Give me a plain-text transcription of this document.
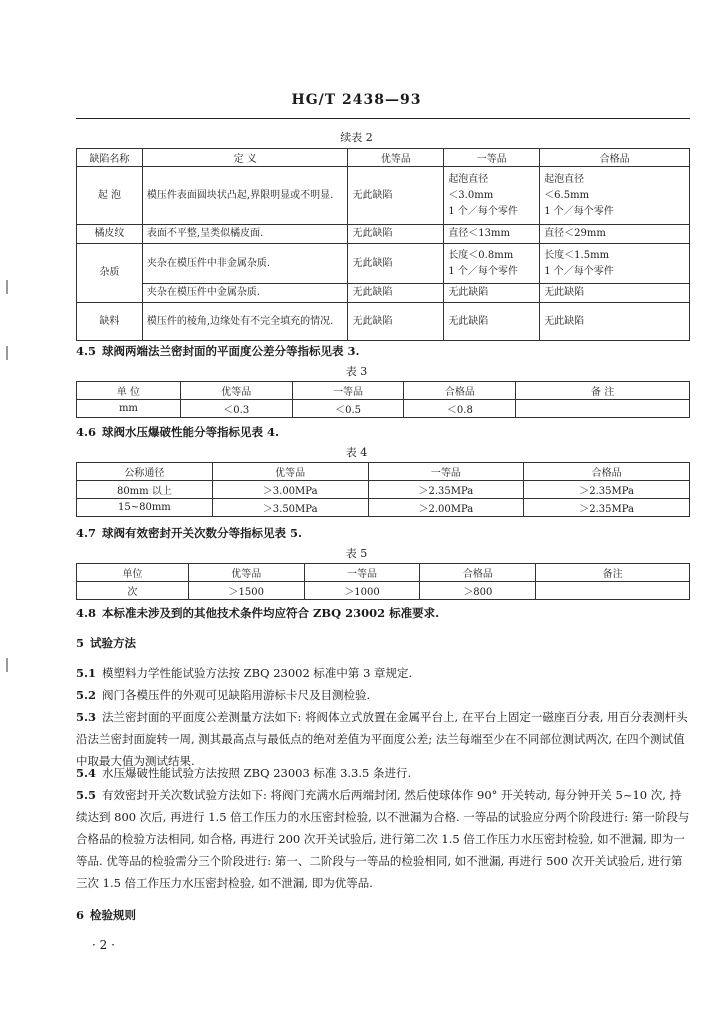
HG/T 2438—93
续表 2
缺陷名称	定 义	优等品	一等品	合格品
起 泡	模压件表面圆块状凸起,界限明显或不明显.	无此缺陷	起泡直径
＜3.0mm
1 个／每个零件	起泡直径
＜6.5mm
1 个／每个零件
橘皮纹	表面不平整,呈类似橘皮面.	无此缺陷	直径＜13mm	直径＜29mm
杂质	夹杂在模压件中非金属杂质.	无此缺陷	长度＜0.8mm
1 个／每个零件	长度＜1.5mm
1 个／每个零件
	夹杂在模压件中金属杂质.	无此缺陷	无此缺陷	无此缺陷
缺料	模压件的棱角,边缘处有不完全填充的情况.	无此缺陷	无此缺陷	无此缺陷
4.5 球阀两端法兰密封面的平面度公差分等指标见表 3.
表 3
单 位	优等品	一等品	合格品	备 注
mm	＜0.3	＜0.5	＜0.8	
4.6 球阀水压爆破性能分等指标见表 4.
表 4
公称通径	优等品	一等品	合格品
80mm 以上	＞3.00MPa	＞2.35MPa	＞2.35MPa
15~80mm	＞3.50MPa	＞2.00MPa	＞2.35MPa
4.7 球阀有效密封开关次数分等指标见表 5.
表 5
单位	优等品	一等品	合格品	备注
次	＞1500	＞1000	＞800	
4.8 本标准未涉及到的其他技术条件均应符合 ZBQ 23002 标准要求.
5 试验方法
5.1 模塑料力学性能试验方法按 ZBQ 23002 标准中第 3 章规定.
5.2 阀门各模压件的外观可见缺陷用游标卡尺及目测检验.
5.3 法兰密封面的平面度公差测量方法如下: 将阀体立式放置在金属平台上, 在平台上固定一磁座百分表, 用百分表测杆头沿法兰密封面旋转一周, 测其最高点与最低点的绝对差值为平面度公差; 法兰每端至少在不同部位测试两次, 在四个测试值中取最大值为测试结果.
5.4 水压爆破性能试验方法按照 ZBQ 23003 标准 3.3.5 条进行.
5.5 有效密封开关次数试验方法如下: 将阀门充满水后两端封闭, 然后使球体作 90° 开关转动, 每分钟开关 5~10 次, 持续达到 800 次后, 再进行 1.5 倍工作压力的水压密封检验, 以不泄漏为合格. 一等品的试验应分两个阶段进行: 第一阶段与合格品的检验方法相同, 如合格, 再进行 200 次开关试验后, 进行第二次 1.5 倍工作压力水压密封检验, 如不泄漏, 即为一等品. 优等品的检验需分三个阶段进行: 第一、二阶段与一等品的检验相同, 如不泄漏, 再进行 500 次开关试验后, 进行第三次 1.5 倍工作压力水压密封检验, 如不泄漏, 即为优等品.
6 检验规则
· 2 ·
